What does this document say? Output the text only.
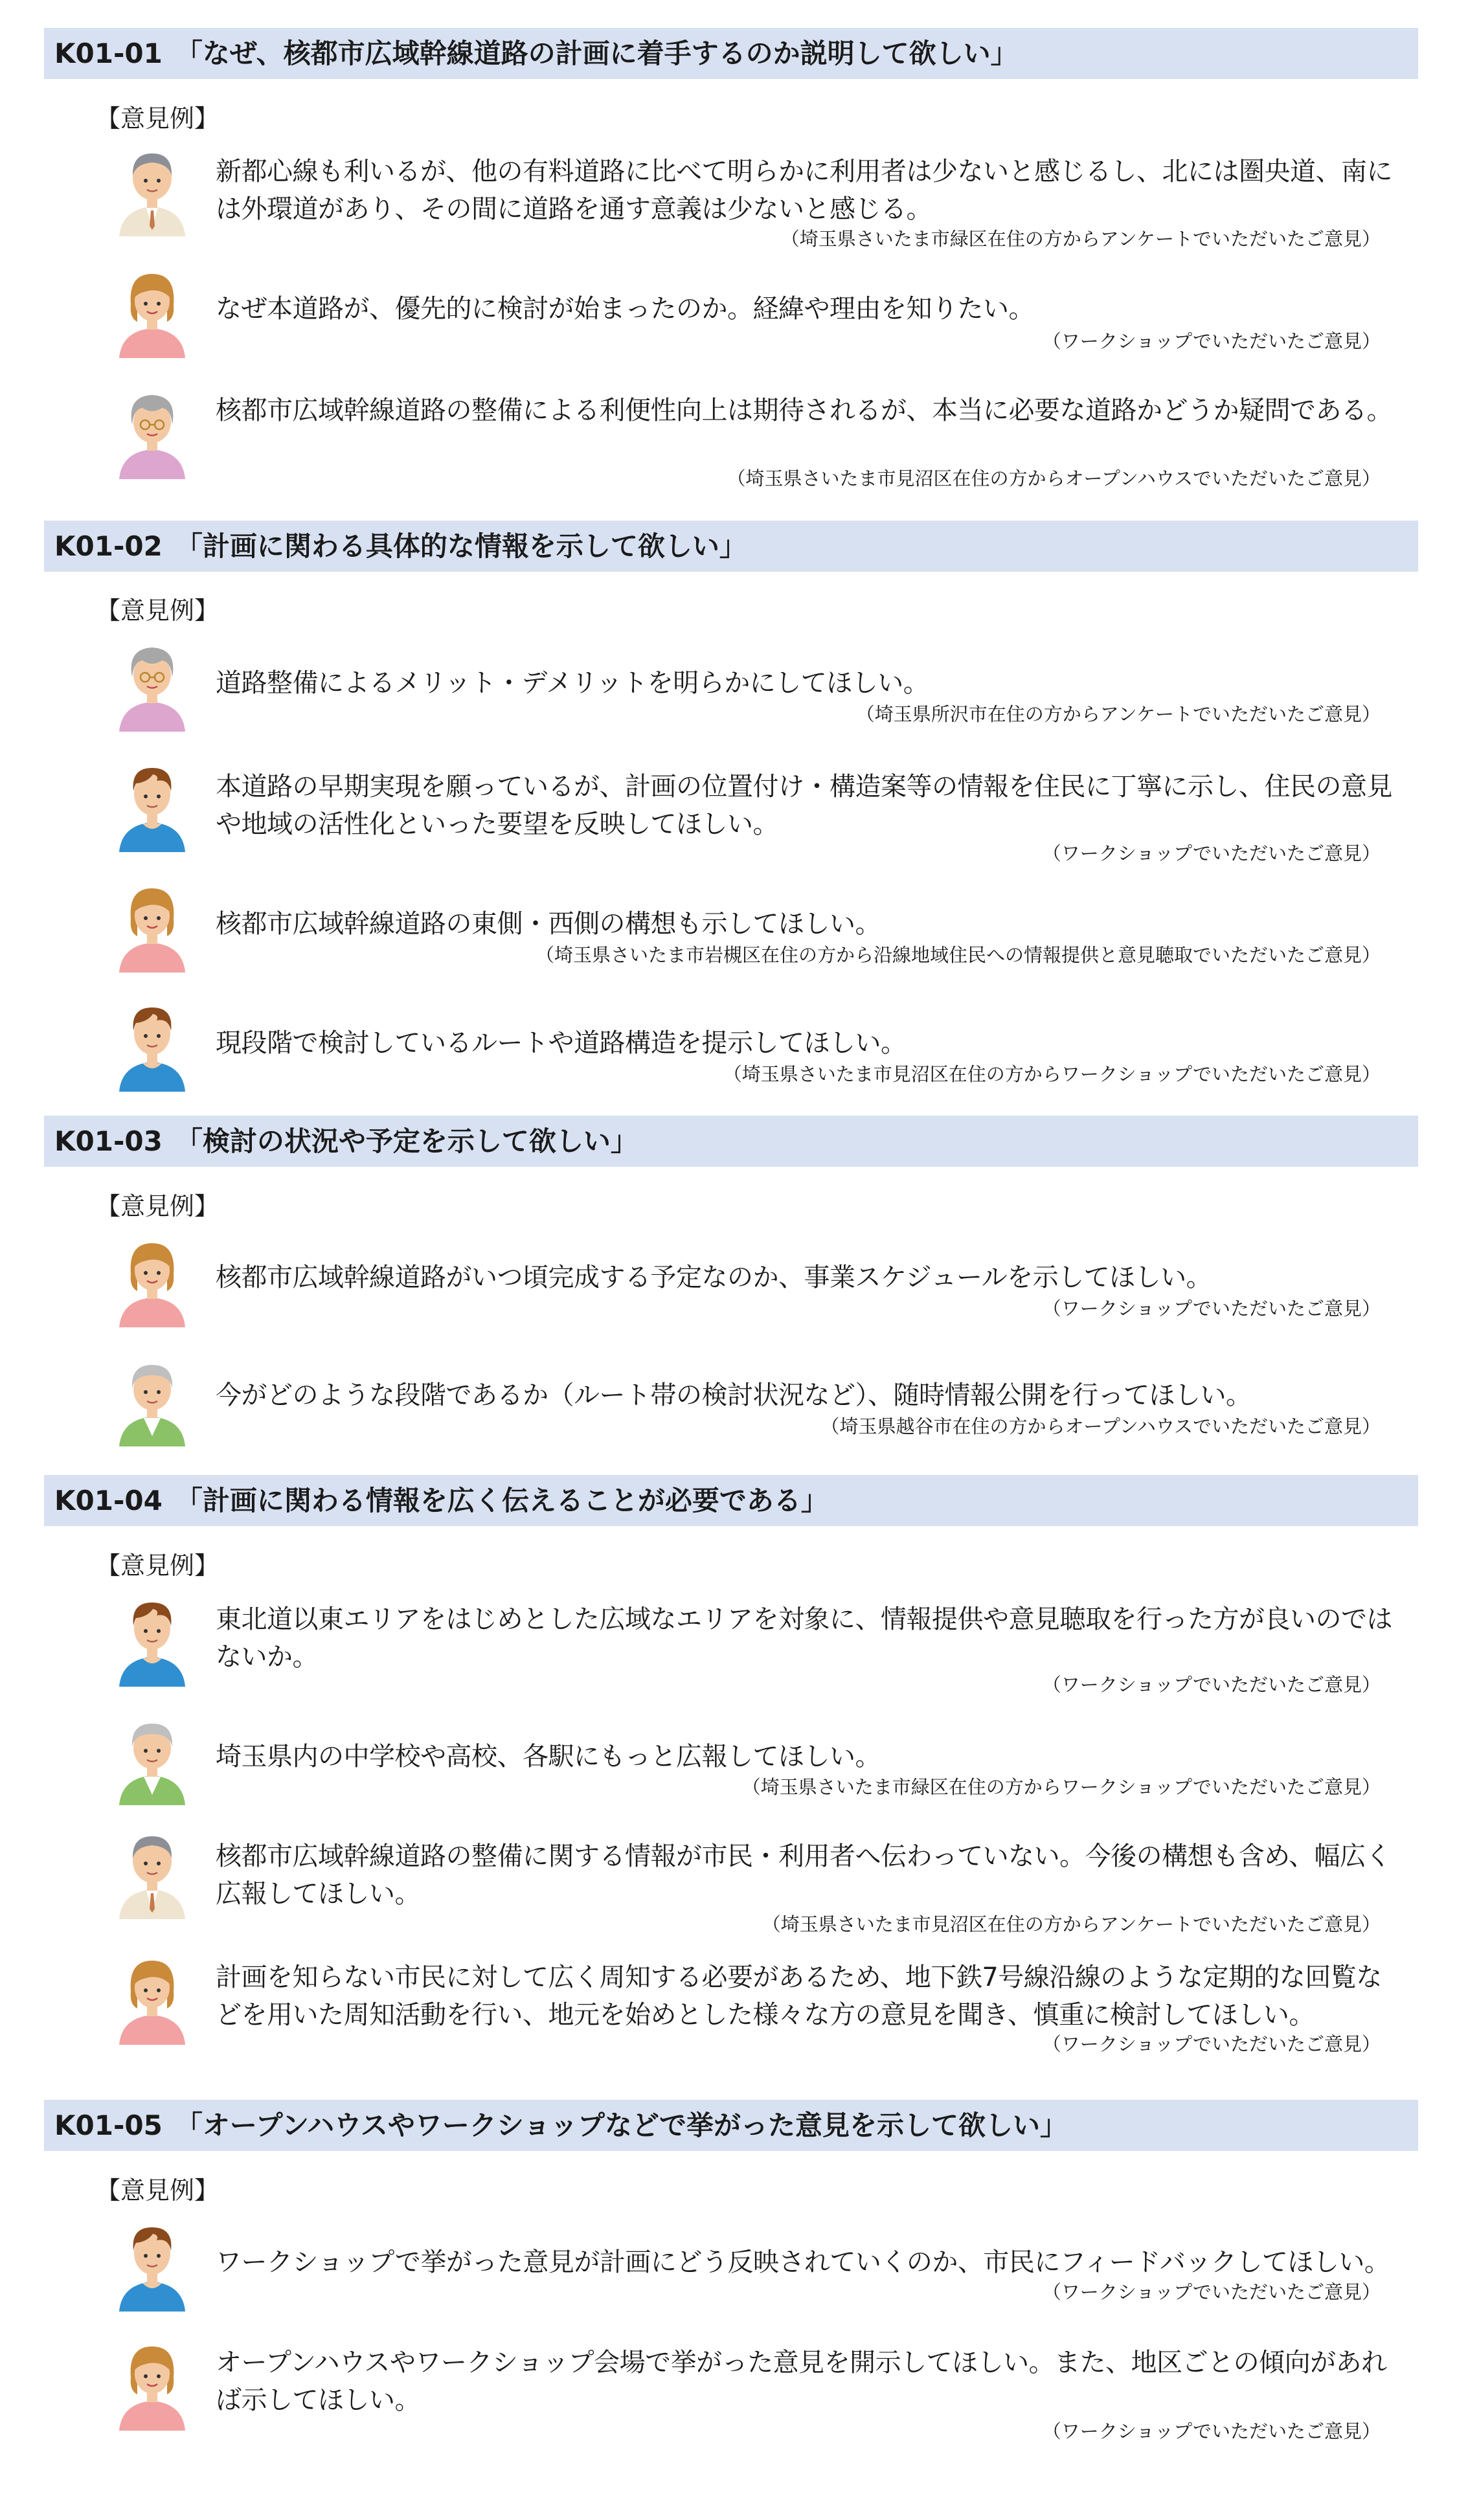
K01-01 「なぜ、核都市広域幹線道路の計画に着手するのか説明して欲しい」
【意見例】
新都心線も利いるが、他の有料道路に比べて明らかに利用者は少ないと感じるし、北には圏央道、南には外環道があり、その間に道路を通す意義は少ないと感じる。
（埼玉県さいたま市緑区在住の方からアンケートでいただいたご意見）
なぜ本道路が、優先的に検討が始まったのか。経緯や理由を知りたい。
（ワークショップでいただいたご意見）
核都市広域幹線道路の整備による利便性向上は期待されるが、本当に必要な道路かどうか疑問である。
（埼玉県さいたま市見沼区在住の方からオープンハウスでいただいたご意見）
K01-02 「計画に関わる具体的な情報を示して欲しい」
【意見例】
道路整備によるメリット・デメリットを明らかにしてほしい。
（埼玉県所沢市在住の方からアンケートでいただいたご意見）
本道路の早期実現を願っているが、計画の位置付け・構造案等の情報を住民に丁寧に示し、住民の意見や地域の活性化といった要望を反映してほしい。
（ワークショップでいただいたご意見）
核都市広域幹線道路の東側・西側の構想も示してほしい。
（埼玉県さいたま市岩槻区在住の方から沿線地域住民への情報提供と意見聴取でいただいたご意見）
現段階で検討しているルートや道路構造を提示してほしい。
（埼玉県さいたま市見沼区在住の方からワークショップでいただいたご意見）
K01-03 「検討の状況や予定を示して欲しい」
【意見例】
核都市広域幹線道路がいつ頃完成する予定なのか、事業スケジュールを示してほしい。
（ワークショップでいただいたご意見）
今がどのような段階であるか（ルート帯の検討状況など）、随時情報公開を行ってほしい。
（埼玉県越谷市在住の方からオープンハウスでいただいたご意見）
K01-04 「計画に関わる情報を広く伝えることが必要である」
【意見例】
東北道以東エリアをはじめとした広域なエリアを対象に、情報提供や意見聴取を行った方が良いのではないか。
（ワークショップでいただいたご意見）
埼玉県内の中学校や高校、各駅にもっと広報してほしい。
（埼玉県さいたま市緑区在住の方からワークショップでいただいたご意見）
核都市広域幹線道路の整備に関する情報が市民・利用者へ伝わっていない。今後の構想も含め、幅広く広報してほしい。
（埼玉県さいたま市見沼区在住の方からアンケートでいただいたご意見）
計画を知らない市民に対して広く周知する必要があるため、地下鉄7号線沿線のような定期的な回覧などを用いた周知活動を行い、地元を始めとした様々な方の意見を聞き、慎重に検討してほしい。
（ワークショップでいただいたご意見）
K01-05 「オープンハウスやワークショップなどで挙がった意見を示して欲しい」
【意見例】
ワークショップで挙がった意見が計画にどう反映されていくのか、市民にフィードバックしてほしい。
（ワークショップでいただいたご意見）
オープンハウスやワークショップ会場で挙がった意見を開示してほしい。また、地区ごとの傾向があれば示してほしい。
（ワークショップでいただいたご意見）
